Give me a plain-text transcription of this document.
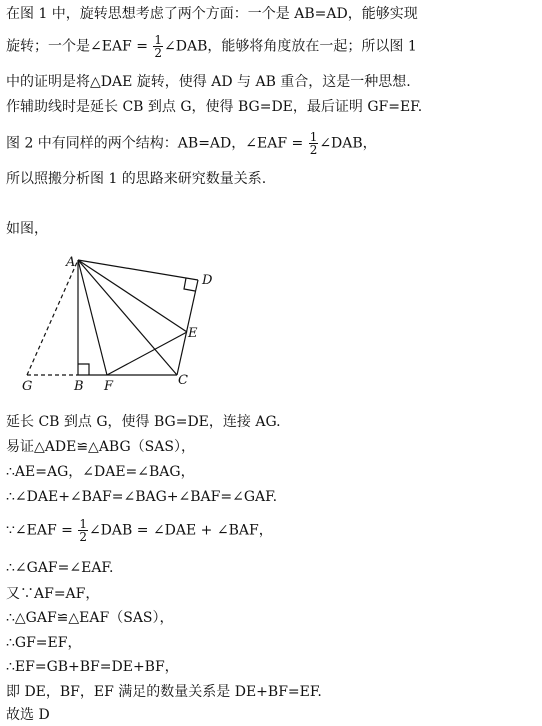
在图 1 中，旋转思想考虑了两个方面：一个是 AB=AD，能够实现
旋转；一个是∠EAF = $\frac{1}{2}$ ∠DAB，能够将角度放在一起；所以图 1
中的证明是将△DAE 旋转，使得 AD 与 AB 重合，这是一种思想.
作辅助线时是延长 CB 到点 G，使得 BG=DE，最后证明 GF=EF.
图 2 中有同样的两个结构：AB=AD，∠EAF = $\frac{1}{2}$ ∠DAB，
所以照搬分析图 1 的思路来研究数量关系.
如图，
A
D
E
G	B F	C
延长 CB 到点 G，使得 BG=DE，连接 AG.
易证△ADE≌△ABG（SAS），
∴AE=AG，∠DAE=∠BAG，
∴∠DAE+∠BAF=∠BAG+∠BAF=∠GAF.
∵∠EAF = $\frac{1}{2}$ ∠DAB = ∠DAE + ∠BAF，
∴∠GAF=∠EAF.
又∵AF=AF，
∴△GAF≌△EAF（SAS），
∴GF=EF，
∴EF=GB+BF=DE+BF，
即 DE，BF，EF 满足的数量关系是 DE+BF=EF.
故选 D
